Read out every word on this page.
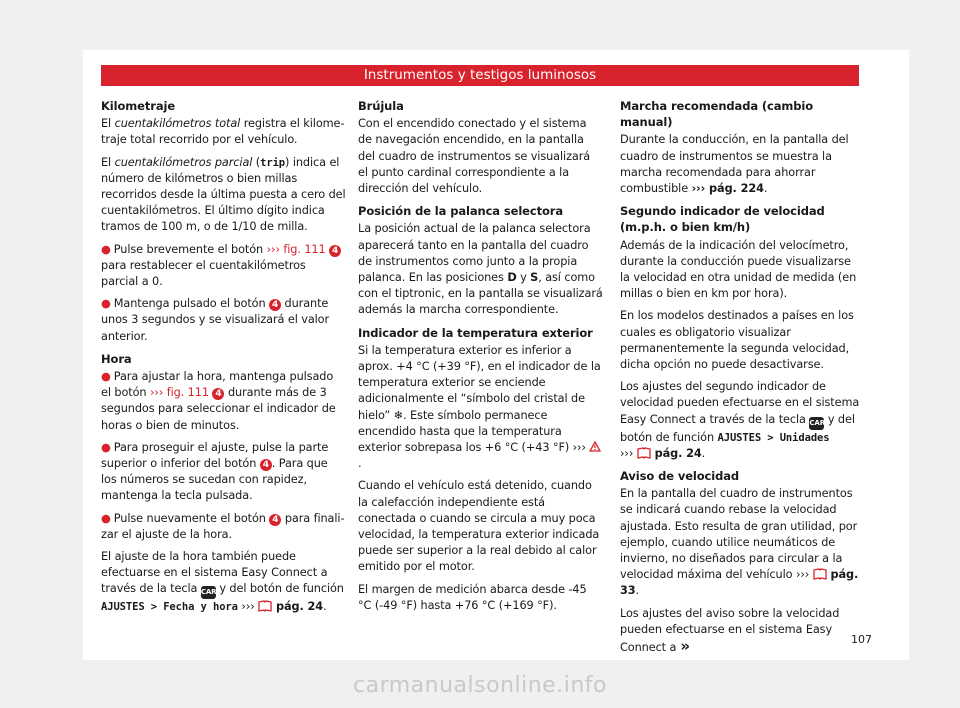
Instrumentos y testigos luminosos
Kilometraje

El cuentakilómetros total registra el kilometraje total recorrido por el vehículo.

El cuentakilómetros parcial (trip) indica el número de kilómetros o bien millas recorridos desde la última puesta a cero del cuentakilómetros. El último dígito indica tramos de 100 m, o de 1/10 de milla.

● Pulse brevemente el botón ››› fig. 111 4 para restablecer el cuentakilómetros parcial a 0.

● Mantenga pulsado el botón 4 durante unos 3 segundos y se visualizará el valor anterior.

Hora

● Para ajustar la hora, mantenga pulsado el botón ››› fig. 111 4 durante más de 3 segundos para seleccionar el indicador de horas o bien de minutos.

● Para proseguir el ajuste, pulse la parte superior o inferior del botón 4 . Para que los números se sucedan con rapidez, mantenga la tecla pulsada.

● Pulse nuevamente el botón 4 para finalizar el ajuste de la hora.

El ajuste de la hora también puede efectuarse en el sistema Easy Connect a través de la tecla CAR y del botón de función AJUSTES > Fecha y hora ›››  pág. 24.

Brújula

Con el encendido conectado y el sistema de navegación encendido, en la pantalla del cuadro de instrumentos se visualizará el punto cardinal correspondiente a la dirección del vehículo.

Posición de la palanca selectora

La posición actual de la palanca selectora aparecerá tanto en la pantalla del cuadro de instrumentos como junto a la propia palanca. En las posiciones D y S, así como con el tiptronic, en la pantalla se visualizará además la marcha correspondiente.

Indicador de la temperatura exterior

Si la temperatura exterior es inferior a aprox. +4 °C (+39 °F), en el indicador de la temperatura exterior se enciende adicionalmente el “símbolo del cristal de hielo” ❄. Este símbolo permanece encendido hasta que la temperatura exterior sobrepasa los +6 °C (+43 °F) ››› .

Cuando el vehículo está detenido, cuando la calefacción independiente está conectada o cuando se circula a muy poca velocidad, la temperatura exterior indicada puede ser superior a la real debido al calor emitido por el motor.

El margen de medición abarca desde -45 °C (-49 °F) hasta +76 °C (+169 °F).

Marcha recomendada (cambio manual)

Durante la conducción, en la pantalla del cuadro de instrumentos se muestra la marcha recomendada para ahorrar combustible ››› pág. 224.

Segundo indicador de velocidad (m.p.h. o bien km/h)

Además de la indicación del velocímetro, durante la conducción puede visualizarse la velocidad en otra unidad de medida (en millas o bien en km por hora).

En los modelos destinados a países en los cuales es obligatorio visualizar permanentemente la segunda velocidad, dicha opción no puede desactivarse.

Los ajustes del segundo indicador de velocidad pueden efectuarse en el sistema Easy Connect a través de la tecla CAR y del botón de función AJUSTES > Unidades
›››  pág. 24.

Aviso de velocidad

En la pantalla del cuadro de instrumentos se indicará cuando rebase la velocidad ajustada. Esto resulta de gran utilidad, por ejemplo, cuando utilice neumáticos de invierno, no diseñados para circular a la velocidad máxima del vehículo ›››  pág. 33.

Los ajustes del aviso sobre la velocidad pueden efectuarse en el sistema Easy Connect a »	107
carmanualsonline.info
